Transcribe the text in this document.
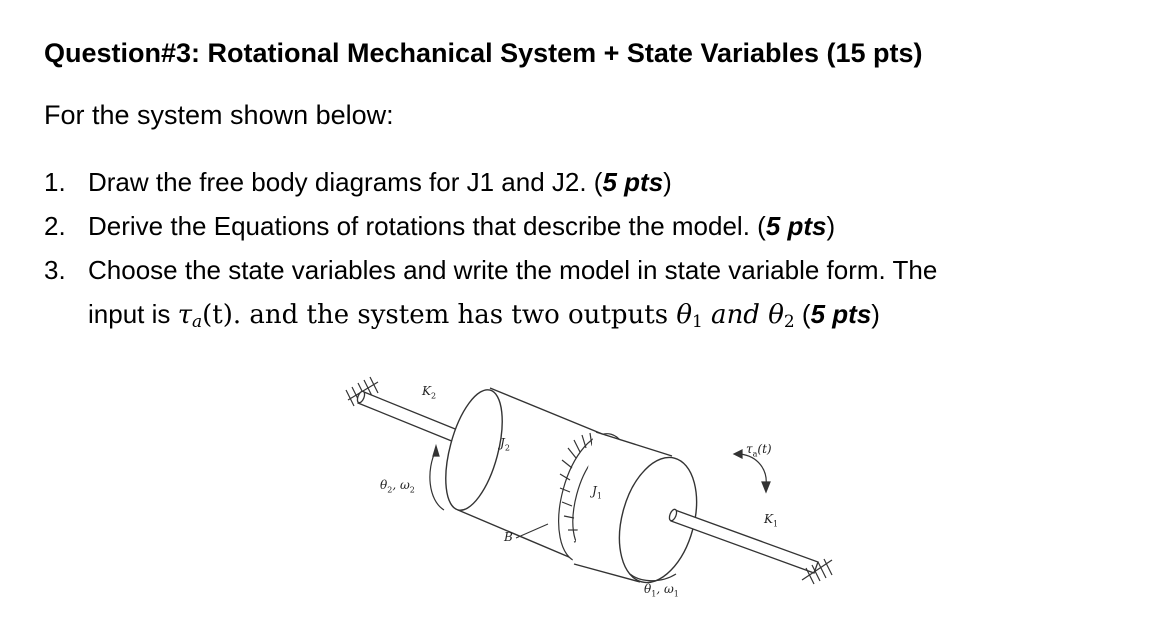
Question#3: Rotational Mechanical System + State Variables (15 pts)
For the system shown below:
1. Draw the free body diagrams for J1 and J2. (5 pts)
2. Derive the Equations of rotations that describe the model. (5 pts)
3. Choose the state variables and write the model in state variable form. The
input is $\tau_a(t)$. and the system has two outputs $\theta_1$ and $\theta_2$ (5 pts)
$K_2$
$J_2$
$\theta_2$, $\omega_2$
B
$J_1$
$\tau_a(t)$
$K_1$
$\theta_1$, $\omega_1$
